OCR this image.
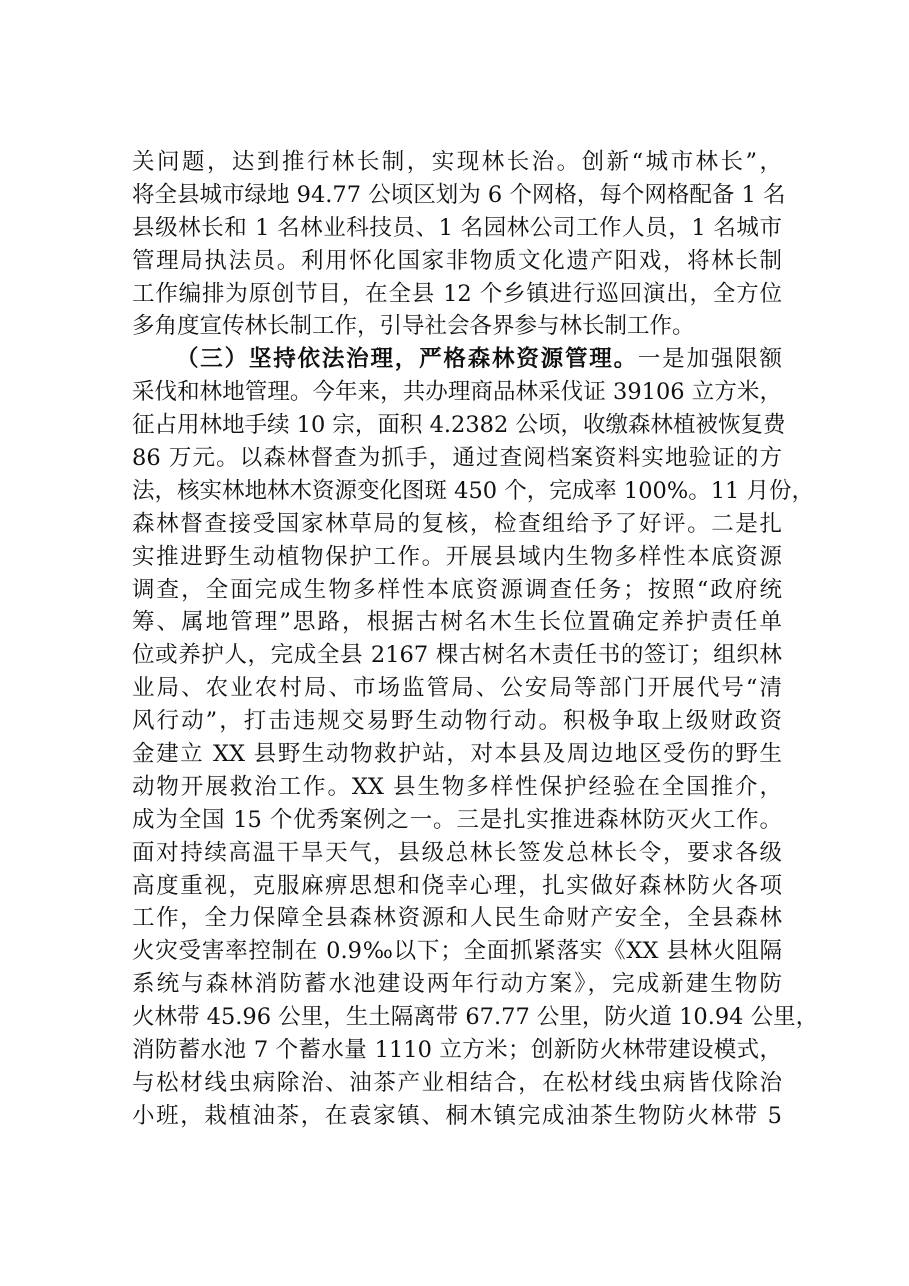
关问题，达到推行林长制，实现林长治。创新“城市林长”，
将全县城市绿地 94.77 公顷区划为 6 个网格，每个网格配备 1 名
县级林长和 1 名林业科技员、1 名园林公司工作人员，1 名城市
管理局执法员。利用怀化国家非物质文化遗产阳戏，将林长制
工作编排为原创节目，在全县 12 个乡镇进行巡回演出，全方位
多角度宣传林长制工作，引导社会各界参与林长制工作。
（三）坚持依法治理，严格森林资源管理。一是加强限额
采伐和林地管理。今年来，共办理商品林采伐证 39106 立方米，
征占用林地手续 10 宗，面积 4.2382 公顷，收缴森林植被恢复费
86 万元。以森林督查为抓手，通过查阅档案资料实地验证的方
法，核实林地林木资源变化图斑 450 个，完成率 100%。11 月份，
森林督查接受国家林草局的复核，检查组给予了好评。二是扎
实推进野生动植物保护工作。开展县域内生物多样性本底资源
调查，全面完成生物多样性本底资源调查任务；按照“政府统
筹、属地管理”思路，根据古树名木生长位置确定养护责任单
位或养护人，完成全县 2167 棵古树名木责任书的签订；组织林
业局、农业农村局、市场监管局、公安局等部门开展代号“清
风行动”，打击违规交易野生动物行动。积极争取上级财政资
金建立 XX 县野生动物救护站，对本县及周边地区受伤的野生
动物开展救治工作。XX 县生物多样性保护经验在全国推介，
成为全国 15 个优秀案例之一。三是扎实推进森林防灭火工作。
面对持续高温干旱天气，县级总林长签发总林长令，要求各级
高度重视，克服麻痹思想和侥幸心理，扎实做好森林防火各项
工作，全力保障全县森林资源和人民生命财产安全，全县森林
火灾受害率控制在 0.9‰以下；全面抓紧落实《XX 县林火阻隔
系统与森林消防蓄水池建设两年行动方案》，完成新建生物防
火林带 45.96 公里，生土隔离带 67.77 公里，防火道 10.94 公里，
消防蓄水池 7 个蓄水量 1110 立方米；创新防火林带建设模式，
与松材线虫病除治、油茶产业相结合，在松材线虫病皆伐除治
小班，栽植油茶，在袁家镇、桐木镇完成油茶生物防火林带 5
